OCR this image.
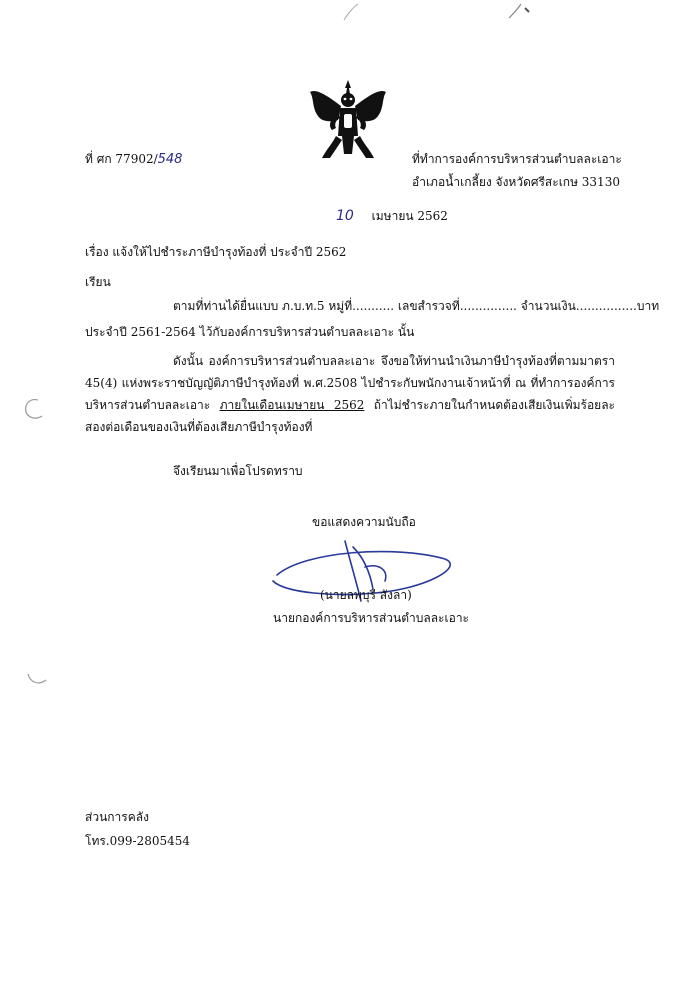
ที่ ศก 77902/548	ที่ทำการองค์การบริหารส่วนตำบลละเอาะ
อำเภอน้ำเกลี้ยง จังหวัดศรีสะเกษ 33130
10 เมษายน 2562
เรื่อง แจ้งให้ไปชำระภาษีบำรุงท้องที่ ประจำปี 2562
เรียน
ตามที่ท่านได้ยื่นแบบ ภ.บ.ท.5 หมู่ที่........... เลขสำรวจที่............... จำนวนเงิน................บาท
ประจำปี 2561-2564 ไว้กับองค์การบริหารส่วนตำบลละเอาะ นั้น
ดังนั้น องค์การบริหารส่วนตำบลละเอาะ จึงขอให้ท่านนำเงินภาษีบำรุงท้องที่ตามมาตรา 45(4) แห่งพระราชบัญญัติภาษีบำรุงท้องที่ พ.ศ.2508 ไปชำระกับพนักงานเจ้าหน้าที่ ณ ที่ทำการองค์การบริหารส่วนตำบลละเอาะ ภายในเดือนเมษายน 2562 ถ้าไม่ชำระภายในกำหนดต้องเสียเงินเพิ่มร้อยละสองต่อเดือนของเงินที่ต้องเสียภาษีบำรุงท้องที่
จึงเรียนมาเพื่อโปรดทราบ
ขอแสดงความนับถือ
(นายลพบุรี สังลา)
นายกองค์การบริหารส่วนตำบลละเอาะ
ส่วนการคลัง
โทร.099-2805454
